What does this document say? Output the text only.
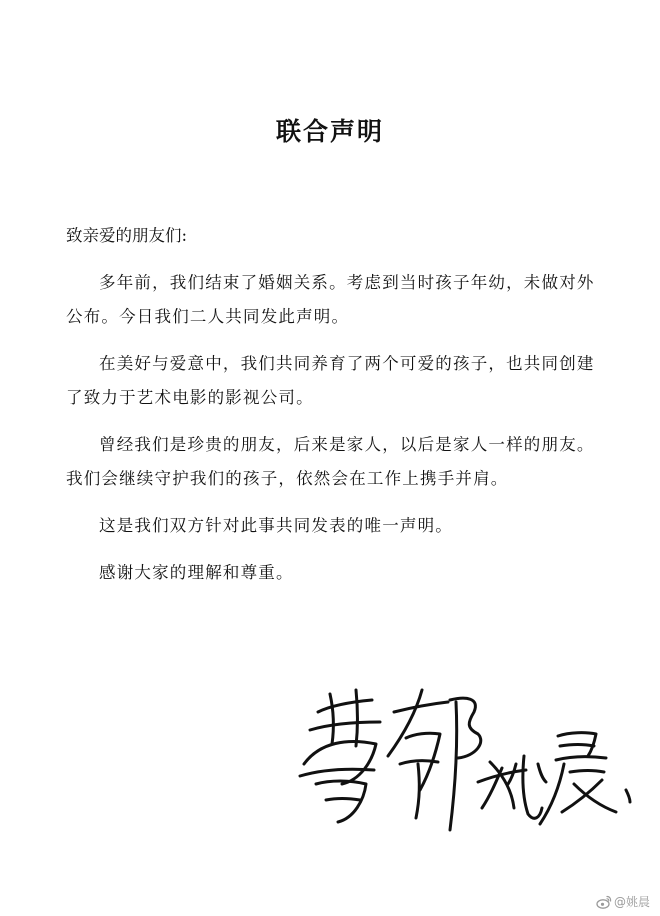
联合声明

致亲爱的朋友们:

多年前，我们结束了婚姻关系。考虑到当时孩子年幼，未做对外公布。今日我们二人共同发此声明。

在美好与爱意中，我们共同养育了两个可爱的孩子，也共同创建了致力于艺术电影的影视公司。

曾经我们是珍贵的朋友，后来是家人，以后是家人一样的朋友。我们会继续守护我们的孩子，依然会在工作上携手并肩。

这是我们双方针对此事共同发表的唯一声明。

感谢大家的理解和尊重。

@姚晨
